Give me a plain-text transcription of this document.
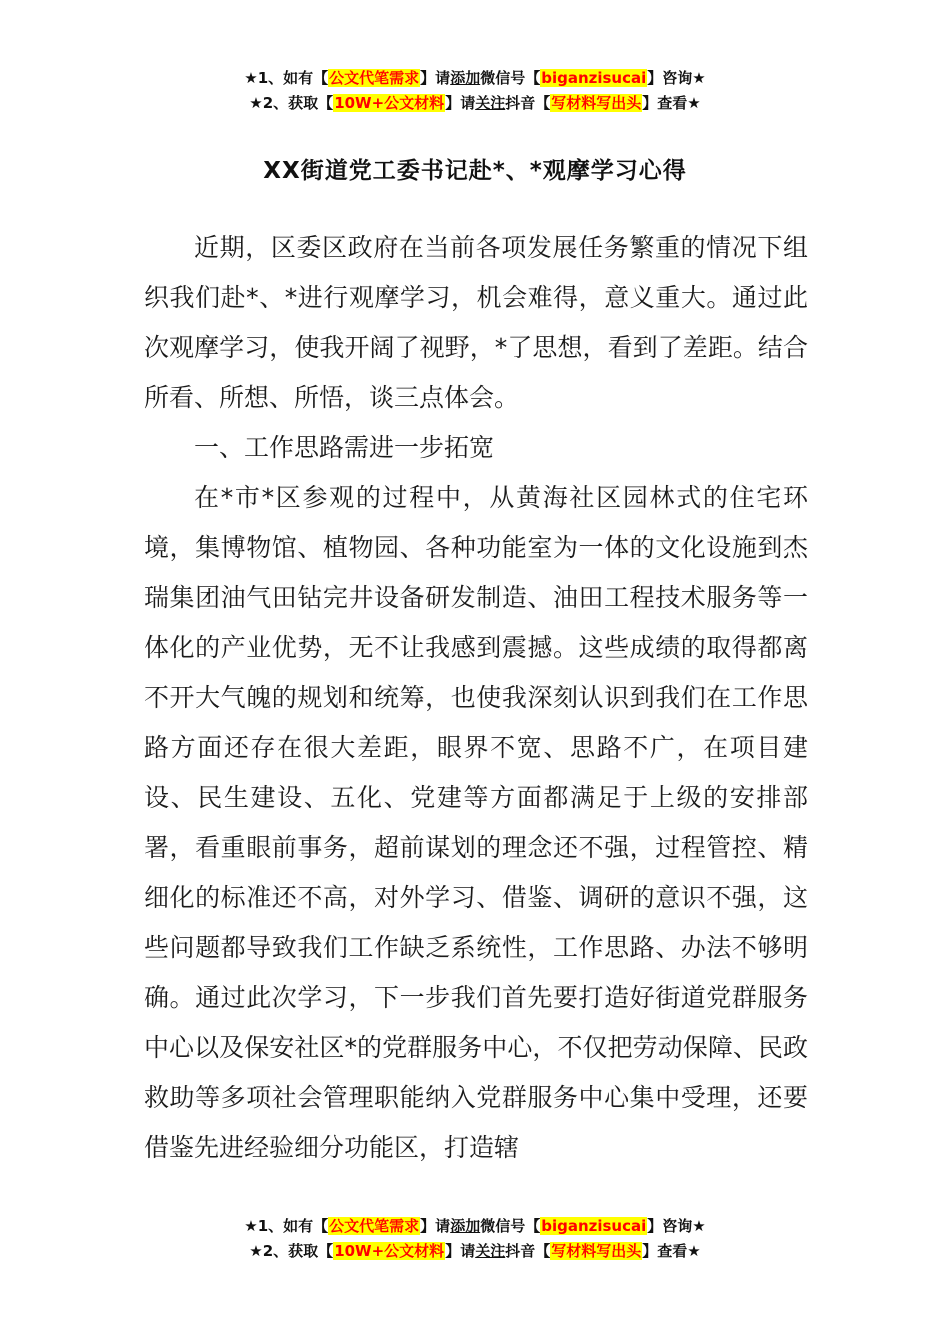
★1、如有【公文代笔需求】请添加微信号【biganzisucai】咨询★
★2、获取【10W+公文材料】请关注抖音【写材料写出头】查看★
XX街道党工委书记赴*、*观摩学习心得

近期，区委区政府在当前各项发展任务繁重的情况下组织我们赴*、*进行观摩学习，机会难得，意义重大。通过此次观摩学习，使我开阔了视野，*了思想，看到了差距。结合所看、所想、所悟，谈三点体会。

一、工作思路需进一步拓宽

在*市*区参观的过程中，从黄海社区园林式的住宅环境，集博物馆、植物园、各种功能室为一体的文化设施到杰瑞集团油气田钻完井设备研发制造、油田工程技术服务等一体化的产业优势，无不让我感到震撼。这些成绩的取得都离不开大气魄的规划和统筹，也使我深刻认识到我们在工作思路方面还存在很大差距，眼界不宽、思路不广，在项目建设、民生建设、五化、党建等方面都满足于上级的安排部署，看重眼前事务，超前谋划的理念还不强，过程管控、精细化的标准还不高，对外学习、借鉴、调研的意识不强，这些问题都导致我们工作缺乏系统性，工作思路、办法不够明确。通过此次学习，下一步我们首先要打造好街道党群服务中心以及保安社区*的党群服务中心，不仅把劳动保障、民政救助等多项社会管理职能纳入党群服务中心集中受理，还要借鉴先进经验细分功能区，打造辖

★1、如有【公文代笔需求】请添加微信号【biganzisucai】咨询★
★2、获取【10W+公文材料】请关注抖音【写材料写出头】查看★
